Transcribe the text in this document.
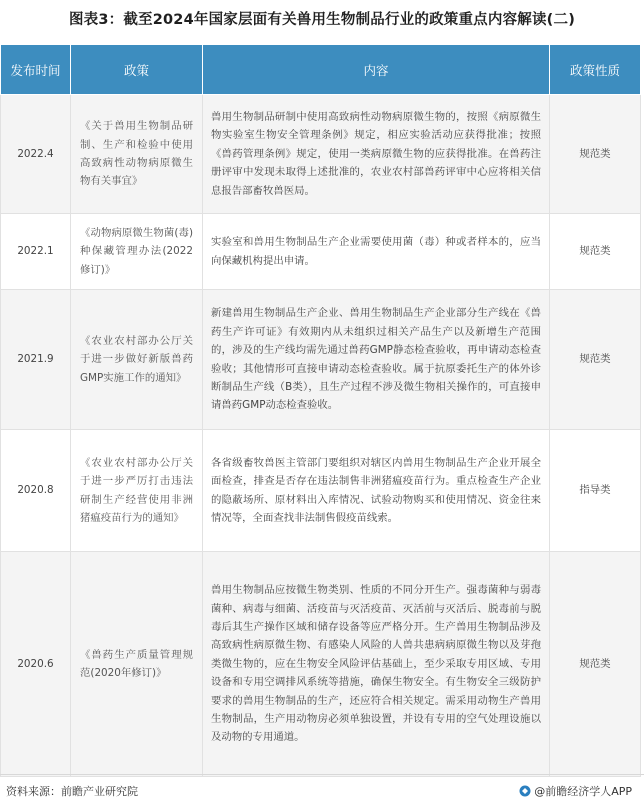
图表3：截至2024年国家层面有关兽用生物制品行业的政策重点内容解读(二)
发布时间	政策	内容	政策性质
2022.4	《关于兽用生物制品研制、生产和检验中使用高致病性动物病原微生物有关事宜》	兽用生物制品研制中使用高致病性动物病原微生物的，按照《病原微生物实验室生物安全管理条例》规定，相应实验活动应获得批准；按照《兽药管理条例》规定，使用一类病原微生物的应获得批准。在兽药注册评审中发现未取得上述批准的，农业农村部兽药评审中心应将相关信息报告部畜牧兽医局。	规范类
2022.1	《动物病原微生物菌(毒)种保藏管理办法(2022修订)》	实验室和兽用生物制品生产企业需要使用菌（毒）种或者样本的，应当向保藏机构提出申请。	规范类
2021.9	《农业农村部办公厅关于进一步做好新版兽药GMP实施工作的通知》	新建兽用生物制品生产企业、兽用生物制品生产企业部分生产线在《兽药生产许可证》有效期内从未组织过相关产品生产以及新增生产范围的，涉及的生产线均需先通过兽药GMP静态检查验收，再申请动态检查验收；其他情形可直接申请动态检查验收。属于抗原委托生产的体外诊断制品生产线（B类），且生产过程不涉及微生物相关操作的，可直接申请兽药GMP动态检查验收。	规范类
2020.8	《农业农村部办公厅关于进一步严厉打击违法研制生产经营使用非洲猪瘟疫苗行为的通知》	各省级畜牧兽医主管部门要组织对辖区内兽用生物制品生产企业开展全面检查，排查是否存在违法制售非洲猪瘟疫苗行为。重点检查生产企业的隐蔽场所、原材料出入库情况、试验动物购买和使用情况、资金往来情况等，全面查找非法制售假疫苗线索。	指导类
2020.6	《兽药生产质量管理规范(2020年修订)》	兽用生物制品应按微生物类别、性质的不同分开生产。强毒菌种与弱毒菌种、病毒与细菌、活疫苗与灭活疫苗、灭活前与灭活后、脱毒前与脱毒后其生产操作区域和储存设备等应严格分开。生产兽用生物制品涉及高致病性病原微生物、有感染人风险的人兽共患病病原微生物以及芽孢类微生物的，应在生物安全风险评估基础上，至少采取专用区域、专用设备和专用空调排风系统等措施，确保生物安全。有生物安全三级防护要求的兽用生物制品的生产，还应符合相关规定。需采用动物生产兽用生物制品，生产用动物房必须单独设置，并设有专用的空气处理设施以及动物的专用通道。	规范类
资料来源：前瞻产业研究院	@前瞻经济学人APP
